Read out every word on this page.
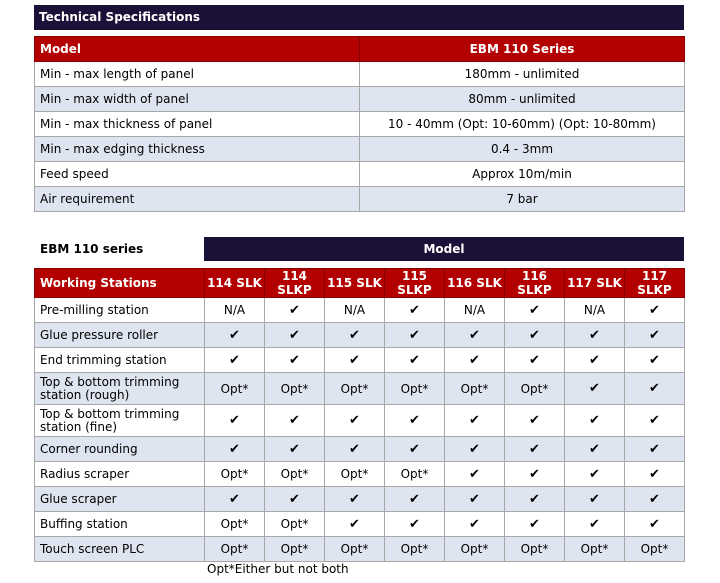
Technical Specifications
Model	EBM 110 Series
Min - max length of panel	180mm - unlimited
Min - max width of panel	80mm - unlimited
Min - max thickness of panel	10 - 40mm (Opt: 10-60mm) (Opt: 10-80mm)
Min - max edging thickness	0.4 - 3mm
Feed speed	Approx 10m/min
Air requirement	7 bar
EBM 110 series	Model
Working Stations	114 SLK	114 SLKP	115 SLK	115 SLKP	116 SLK	116 SLKP	117 SLK	117 SLKP
Pre-milling station	N/A	✔	N/A	✔	N/A	✔	N/A	✔
Glue pressure roller	✔	✔	✔	✔	✔	✔	✔	✔
End trimming station	✔	✔	✔	✔	✔	✔	✔	✔
Top & bottom trimming station (rough)	Opt*	Opt*	Opt*	Opt*	Opt*	Opt*	✔	✔
Top & bottom trimming station (fine)	✔	✔	✔	✔	✔	✔	✔	✔
Corner rounding	✔	✔	✔	✔	✔	✔	✔	✔
Radius scraper	Opt*	Opt*	Opt*	Opt*	✔	✔	✔	✔
Glue scraper	✔	✔	✔	✔	✔	✔	✔	✔
Buffing station	Opt*	Opt*	✔	✔	✔	✔	✔	✔
Touch screen PLC	Opt*	Opt*	Opt*	Opt*	Opt*	Opt*	Opt*	Opt*
Opt*Either but not both
